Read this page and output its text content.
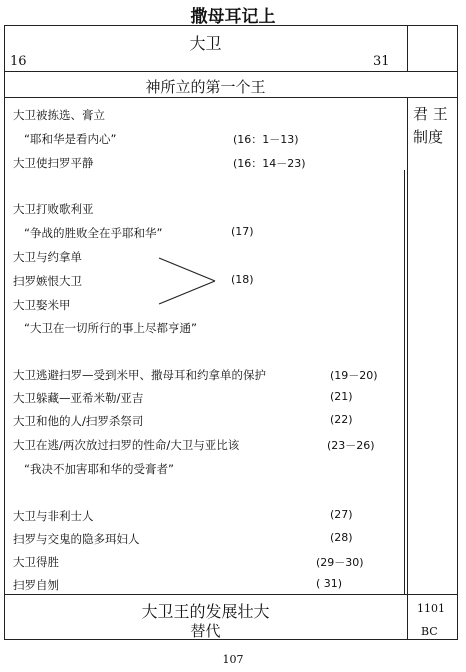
撒母耳记上
大卫
16	31
神所立的第一个王
君 王
制度
大卫被拣选、膏立
“耶和华是看内心”	(16：1－13)
大卫使扫罗平静	(16：14－23)
大卫打败歌利亚
“争战的胜败全在乎耶和华”	(17)
大卫与约拿单
扫罗嫉恨大卫	(18)
大卫娶米甲
“大卫在一切所行的事上尽都亨通”
大卫逃避扫罗—受到米甲、撒母耳和约拿单的保护	(19－20)
大卫躲藏—亚希米勒/亚吉	(21)
大卫和他的人/扫罗杀祭司	(22)
大卫在逃/两次放过扫罗的性命/大卫与亚比该	(23－26)
“我决不加害耶和华的受膏者”
大卫与非利士人	(27)
扫罗与交鬼的隐多珥妇人	(28)
大卫得胜	(29－30)
扫罗自刎	( 31)
大卫王的发展壮大
替代
1101
BC
107
